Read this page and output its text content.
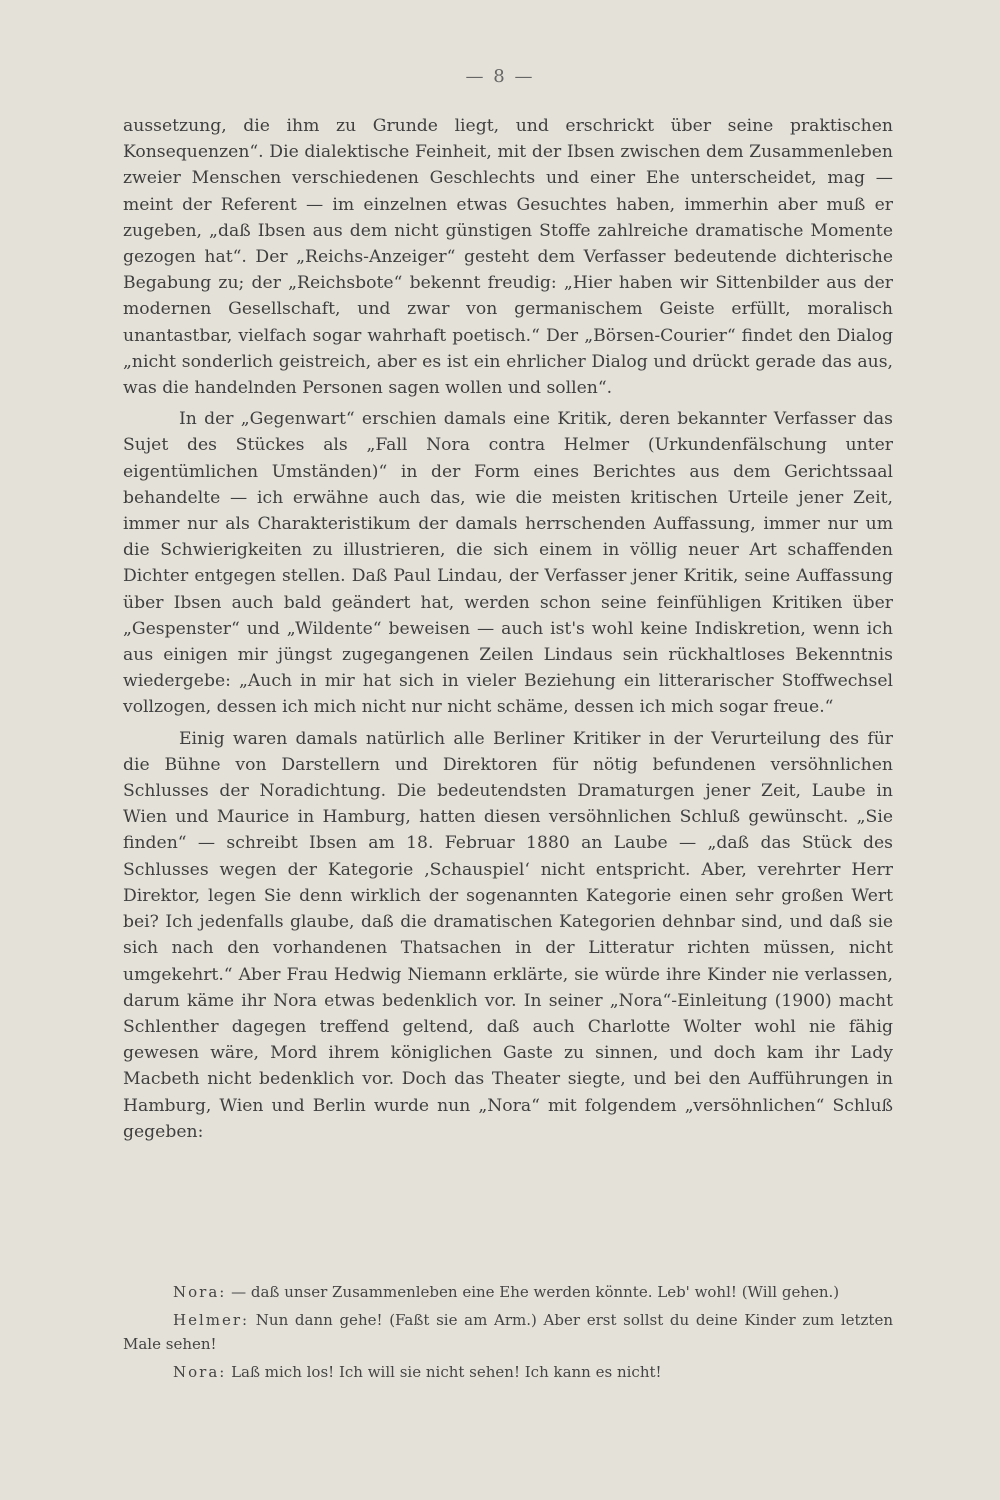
— 8 —

aussetzung, die ihm zu Grunde liegt, und erschrickt über seine praktischen Konsequenzen“. Die dialektische Feinheit, mit der Ibsen zwischen dem Zusammenleben zweier Menschen verschiedenen Geschlechts und einer Ehe unterscheidet, mag — meint der Referent — im einzelnen etwas Gesuchtes haben, immerhin aber muß er zugeben, „daß Ibsen aus dem nicht günstigen Stoffe zahlreiche dramatische Momente gezogen hat“. Der „Reichs-Anzeiger“ gesteht dem Verfasser bedeutende dichterische Begabung zu; der „Reichsbote“ bekennt freudig: „Hier haben wir Sittenbilder aus der modernen Gesellschaft, und zwar von germanischem Geiste erfüllt, moralisch unantastbar, vielfach sogar wahrhaft poetisch.“ Der „Börsen-Courier“ findet den Dialog „nicht sonderlich geistreich, aber es ist ein ehrlicher Dialog und drückt gerade das aus, was die handelnden Personen sagen wollen und sollen“.

In der „Gegenwart“ erschien damals eine Kritik, deren bekannter Verfasser das Sujet des Stückes als „Fall Nora contra Helmer (Urkundenfälschung unter eigentümlichen Umständen)“ in der Form eines Berichtes aus dem Gerichtssaal behandelte — ich erwähne auch das, wie die meisten kritischen Urteile jener Zeit, immer nur als Charakteristikum der damals herrschenden Auffassung, immer nur um die Schwierigkeiten zu illustrieren, die sich einem in völlig neuer Art schaffenden Dichter entgegen stellen. Daß Paul Lindau, der Verfasser jener Kritik, seine Auffassung über Ibsen auch bald geändert hat, werden schon seine feinfühligen Kritiken über „Gespenster“ und „Wildente“ beweisen — auch ist's wohl keine Indiskretion, wenn ich aus einigen mir jüngst zugegangenen Zeilen Lindaus sein rückhaltloses Bekenntnis wiedergebe: „Auch in mir hat sich in vieler Beziehung ein litterarischer Stoffwechsel vollzogen, dessen ich mich nicht nur nicht schäme, dessen ich mich sogar freue.“

Einig waren damals natürlich alle Berliner Kritiker in der Verurteilung des für die Bühne von Darstellern und Direktoren für nötig befundenen versöhnlichen Schlusses der Noradichtung. Die bedeutendsten Dramaturgen jener Zeit, Laube in Wien und Maurice in Hamburg, hatten diesen versöhnlichen Schluß gewünscht. „Sie finden“ — schreibt Ibsen am 18. Februar 1880 an Laube — „daß das Stück des Schlusses wegen der Kategorie ‚Schauspiel‘ nicht entspricht. Aber, verehrter Herr Direktor, legen Sie denn wirklich der sogenannten Kategorie einen sehr großen Wert bei? Ich jedenfalls glaube, daß die dramatischen Kategorien dehnbar sind, und daß sie sich nach den vorhandenen Thatsachen in der Litteratur richten müssen, nicht umgekehrt.“ Aber Frau Hedwig Niemann erklärte, sie würde ihre Kinder nie verlassen, darum käme ihr Nora etwas bedenklich vor. In seiner „Nora“-Einleitung (1900) macht Schlenther dagegen treffend geltend, daß auch Charlotte Wolter wohl nie fähig gewesen wäre, Mord ihrem königlichen Gaste zu sinnen, und doch kam ihr Lady Macbeth nicht bedenklich vor. Doch das Theater siegte, und bei den Aufführungen in Hamburg, Wien und Berlin wurde nun „Nora“ mit folgendem „versöhnlichen“ Schluß gegeben:

Nora: — daß unser Zusammenleben eine Ehe werden könnte. Leb' wohl! (Will gehen.)
Helmer: Nun dann gehe! (Faßt sie am Arm.) Aber erst sollst du deine Kinder zum letzten Male sehen!
Nora: Laß mich los! Ich will sie nicht sehen! Ich kann es nicht!
